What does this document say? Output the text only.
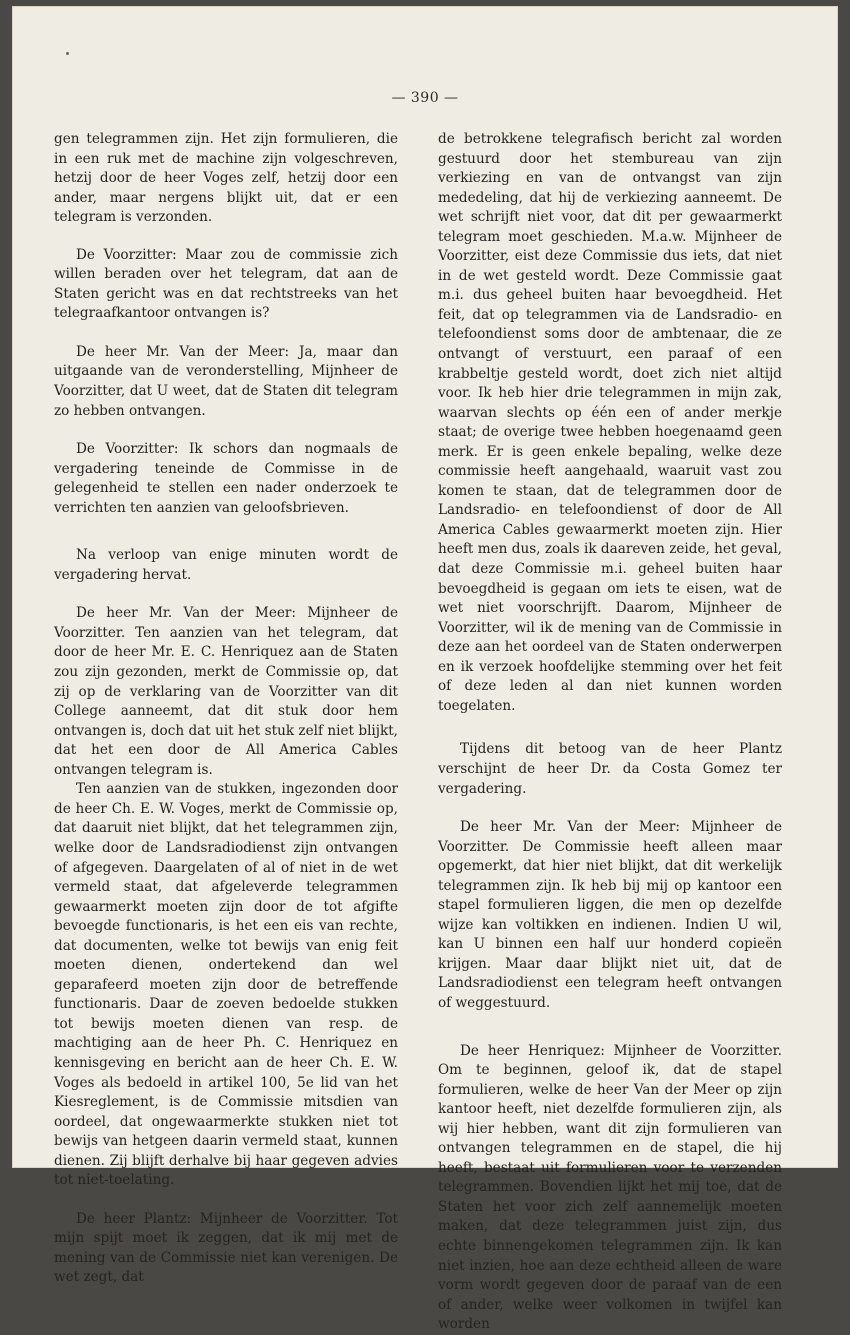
— 390 —

gen telegrammen zijn. Het zijn formulieren, die in een ruk met de machine zijn volgeschreven, hetzij door de heer Voges zelf, hetzij door een ander, maar nergens blijkt uit, dat er een telegram is verzonden.

De Voorzitter: Maar zou de commissie zich willen beraden over het telegram, dat aan de Staten gericht was en dat rechtstreeks van het telegraafkantoor ontvangen is?

De heer Mr. Van der Meer: Ja, maar dan uitgaande van de veronderstelling, Mijnheer de Voorzitter, dat U weet, dat de Staten dit telegram zo hebben ontvangen.

De Voorzitter: Ik schors dan nogmaals de vergadering teneinde de Commisse in de gelegenheid te stellen een nader onderzoek te verrichten ten aanzien van geloofsbrieven.

Na verloop van enige minuten wordt de vergadering hervat.

De heer Mr. Van der Meer: Mijnheer de Voorzitter. Ten aanzien van het telegram, dat door de heer Mr. E. C. Henriquez aan de Staten zou zijn gezonden, merkt de Commissie op, dat zij op de verklaring van de Voorzitter van dit College aanneemt, dat dit stuk door hem ontvangen is, doch dat uit het stuk zelf niet blijkt, dat het een door de All America Cables ontvangen telegram is.

Ten aanzien van de stukken, ingezonden door de heer Ch. E. W. Voges, merkt de Commissie op, dat daaruit niet blijkt, dat het telegrammen zijn, welke door de Landsradiodienst zijn ontvangen of afgegeven. Daargelaten of al of niet in de wet vermeld staat, dat afgeleverde telegrammen gewaarmerkt moeten zijn door de tot afgifte bevoegde functionaris, is het een eis van rechte, dat documenten, welke tot bewijs van enig feit moeten dienen, ondertekend dan wel geparafeerd moeten zijn door de betreffende functionaris. Daar de zoeven bedoelde stukken tot bewijs moeten dienen van resp. de machtiging aan de heer Ph. C. Henriquez en kennisgeving en bericht aan de heer Ch. E. W. Voges als bedoeld in artikel 100, 5e lid van het Kiesreglement, is de Commissie mitsdien van oordeel, dat ongewaarmerkte stukken niet tot bewijs van hetgeen daarin vermeld staat, kunnen dienen. Zij blijft derhalve bij haar gegeven advies tot niet-toelating.

De heer Plantz: Mijnheer de Voorzitter. Tot mijn spijt moet ik zeggen, dat ik mij met de mening van de Commissie niet kan verenigen. De wet zegt, dat

de betrokkene telegrafisch bericht zal worden gestuurd door het stembureau van zijn verkiezing en van de ontvangst van zijn mededeling, dat hij de verkiezing aanneemt. De wet schrijft niet voor, dat dit per gewaarmerkt telegram moet geschieden. M.a.w. Mijnheer de Voorzitter, eist deze Commissie dus iets, dat niet in de wet gesteld wordt. Deze Commissie gaat m.i. dus geheel buiten haar bevoegdheid. Het feit, dat op telegrammen via de Landsradio- en telefoondienst soms door de ambtenaar, die ze ontvangt of verstuurt, een paraaf of een krabbeltje gesteld wordt, doet zich niet altijd voor. Ik heb hier drie telegrammen in mijn zak, waarvan slechts op één een of ander merkje staat; de overige twee hebben hoegenaamd geen merk. Er is geen enkele bepaling, welke deze commissie heeft aangehaald, waaruit vast zou komen te staan, dat de telegrammen door de Landsradio- en telefoondienst of door de All America Cables gewaarmerkt moeten zijn. Hier heeft men dus, zoals ik daareven zeide, het geval, dat deze Commissie m.i. geheel buiten haar bevoegdheid is gegaan om iets te eisen, wat de wet niet voorschrijft. Daarom, Mijnheer de Voorzitter, wil ik de mening van de Commissie in deze aan het oordeel van de Staten onderwerpen en ik verzoek hoofdelijke stemming over het feit of deze leden al dan niet kunnen worden toegelaten.

Tijdens dit betoog van de heer Plantz verschijnt de heer Dr. da Costa Gomez ter vergadering.

De heer Mr. Van der Meer: Mijnheer de Voorzitter. De Commissie heeft alleen maar opgemerkt, dat hier niet blijkt, dat dit werkelijk telegrammen zijn. Ik heb bij mij op kantoor een stapel formulieren liggen, die men op dezelfde wijze kan voltikken en indienen. Indien U wil, kan U binnen een half uur honderd copieën krijgen. Maar daar blijkt niet uit, dat de Landsradiodienst een telegram heeft ontvangen of weggestuurd.

De heer Henriquez: Mijnheer de Voorzitter. Om te beginnen, geloof ik, dat de stapel formulieren, welke de heer Van der Meer op zijn kantoor heeft, niet dezelfde formulieren zijn, als wij hier hebben, want dit zijn formulieren van ontvangen telegrammen en de stapel, die hij heeft, bestaat uit formulieren voor te verzenden telegrammen. Bovendien lijkt het mij toe, dat de Staten het voor zich zelf aannemelijk moeten maken, dat deze telegrammen juist zijn, dus echte binnengekomen telegrammen zijn. Ik kan niet inzien, hoe aan deze echtheid alleen de ware vorm wordt gegeven door de paraaf van de een of ander, welke weer volkomen in twijfel kan worden
